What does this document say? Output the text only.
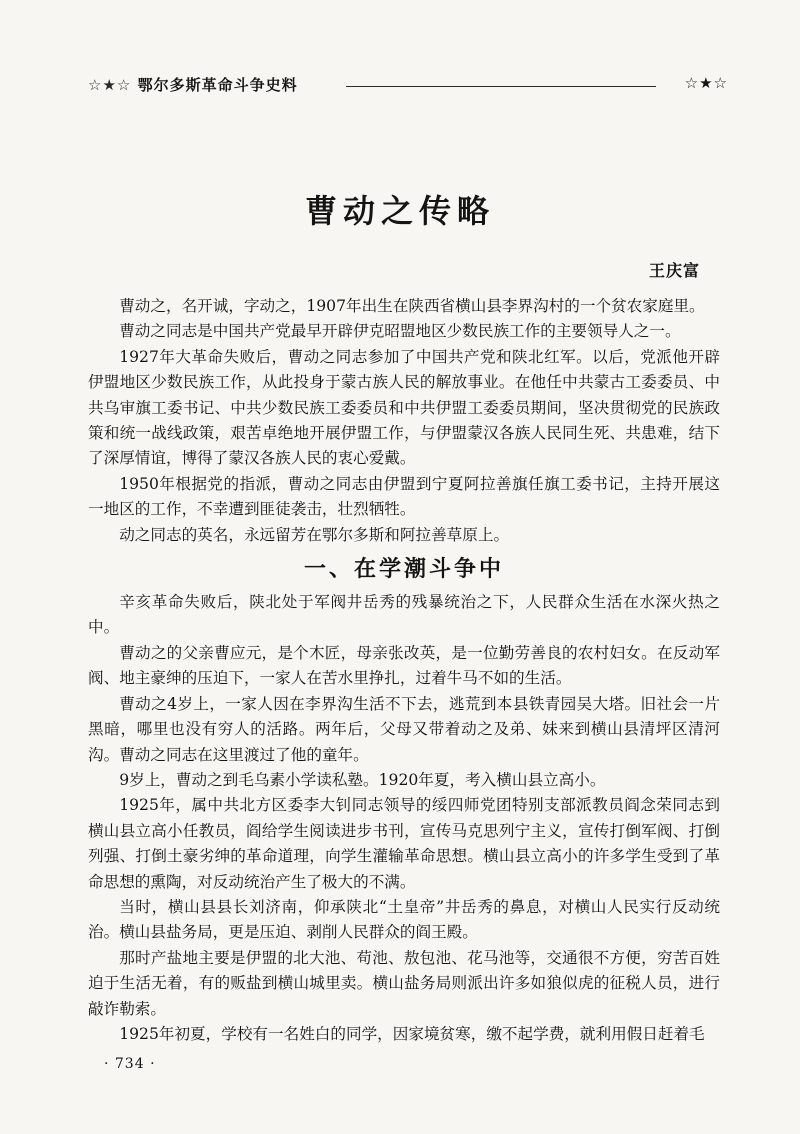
☆★☆ 鄂尔多斯革命斗争史料	☆★☆
曹动之传略
王庆富

曹动之，名开诚，字动之，1907年出生在陕西省横山县李界沟村的一个贫农家庭里。

曹动之同志是中国共产党最早开辟伊克昭盟地区少数民族工作的主要领导人之一。

1927年大革命失败后，曹动之同志参加了中国共产党和陕北红军。以后，党派他开辟伊盟地区少数民族工作，从此投身于蒙古族人民的解放事业。在他任中共蒙古工委委员、中共乌审旗工委书记、中共少数民族工委委员和中共伊盟工委委员期间，坚决贯彻党的民族政策和统一战线政策，艰苦卓绝地开展伊盟工作，与伊盟蒙汉各族人民同生死、共患难，结下了深厚情谊，博得了蒙汉各族人民的衷心爱戴。

1950年根据党的指派，曹动之同志由伊盟到宁夏阿拉善旗任旗工委书记，主持开展这一地区的工作，不幸遭到匪徒袭击，壮烈牺牲。

动之同志的英名，永远留芳在鄂尔多斯和阿拉善草原上。

一、在学潮斗争中

辛亥革命失败后，陕北处于军阀井岳秀的残暴统治之下，人民群众生活在水深火热之中。

曹动之的父亲曹应元，是个木匠，母亲张改英，是一位勤劳善良的农村妇女。在反动军阀、地主豪绅的压迫下，一家人在苦水里挣扎，过着牛马不如的生活。

曹动之4岁上，一家人因在李界沟生活不下去，逃荒到本县铁青园吴大塔。旧社会一片黑暗，哪里也没有穷人的活路。两年后，父母又带着动之及弟、妹来到横山县清坪区清河沟。曹动之同志在这里渡过了他的童年。

9岁上，曹动之到毛乌素小学读私塾。1920年夏，考入横山县立高小。

1925年，属中共北方区委李大钊同志领导的绥四师党团特别支部派教员阎念荣同志到横山县立高小任教员，阎给学生阅读进步书刊，宣传马克思列宁主义，宣传打倒军阀、打倒列强、打倒土豪劣绅的革命道理，向学生灌输革命思想。横山县立高小的许多学生受到了革命思想的熏陶，对反动统治产生了极大的不满。

当时，横山县县长刘济南，仰承陕北“土皇帝”井岳秀的鼻息，对横山人民实行反动统治。横山县盐务局，更是压迫、剥削人民群众的阎王殿。

那时产盐地主要是伊盟的北大池、苟池、敖包池、花马池等，交通很不方便，穷苦百姓迫于生活无着，有的贩盐到横山城里卖。横山盐务局则派出许多如狼似虎的征税人员，进行敲诈勒索。

1925年初夏，学校有一名姓白的同学，因家境贫寒，缴不起学费，就利用假日赶着毛

· 734 ·
